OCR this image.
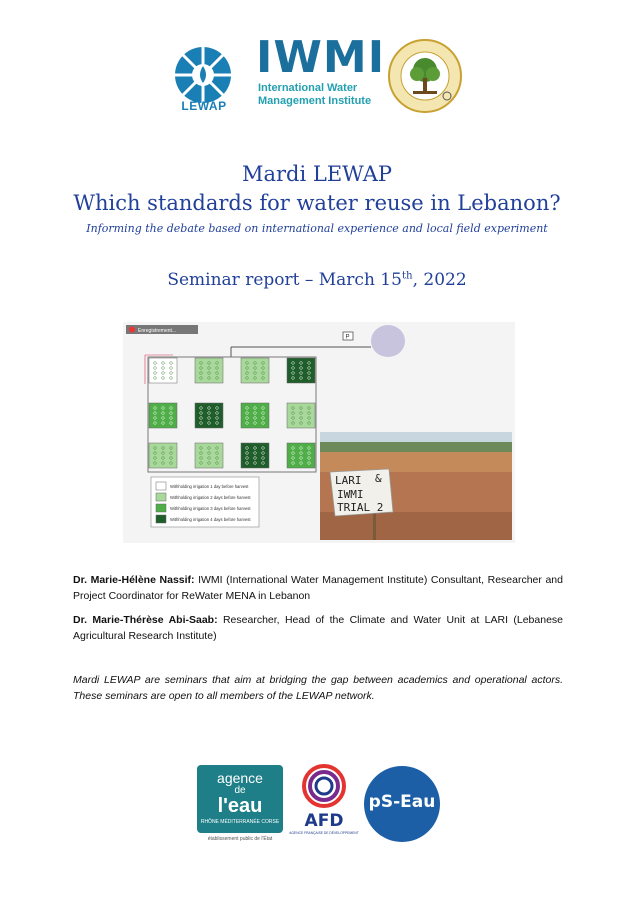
LEWAP
IWMI
International Water Management Institute
Mardi LEWAP
Which standards for water reuse in Lebanon?
Informing the debate based on international experience and local field experiment
Seminar report – March 15th, 2022
Enregistrement...
P
Withholding irrigation 1 day before harvest
Withholding irrigation 2 days before harvest
Withholding irrigation 3 days before harvest
Withholding irrigation 4 days before harvest
LARI & IWMI TRIAL 2
Dr. Marie-Hélène Nassif: IWMI (International Water Management Institute) Consultant, Researcher and Project Coordinator for ReWater MENA in Lebanon
Dr. Marie-Thérèse Abi-Saab: Researcher, Head of the Climate and Water Unit at LARI (Lebanese Agricultural Research Institute)
Mardi LEWAP are seminars that aim at bridging the gap between academics and operational actors. These seminars are open to all members of the LEWAP network.
agence
de
l'eau
RHÔNE MÉDITERRANÉE CORSE
établissement public de l'État
AFD
AGENCE FRANÇAISE DE DÉVELOPPEMENT
pS-Eau
